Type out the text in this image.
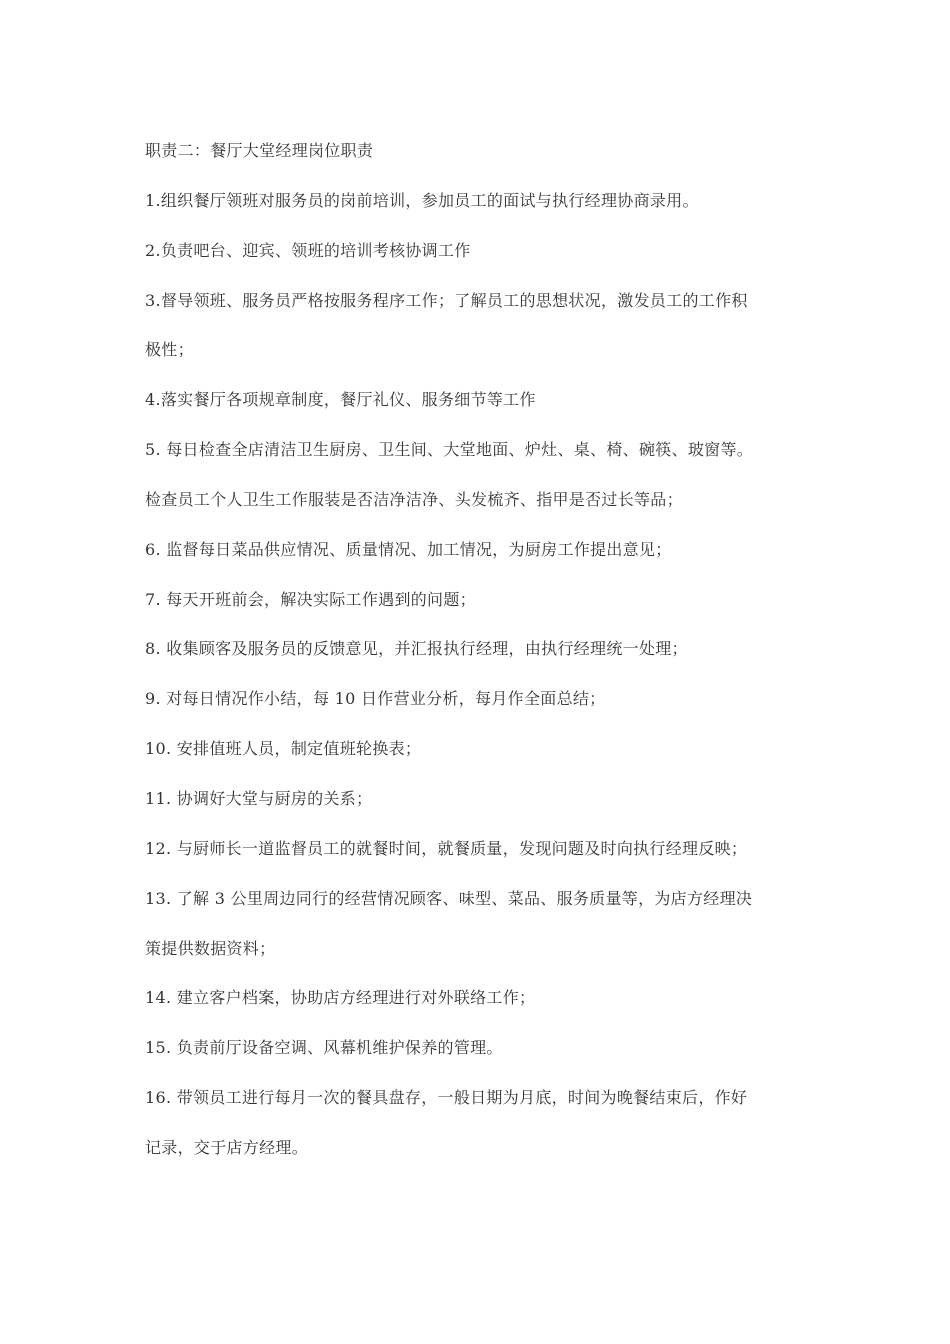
职责二：餐厅大堂经理岗位职责
1.组织餐厅领班对服务员的岗前培训，参加员工的面试与执行经理协商录用。
2.负责吧台、迎宾、领班的培训考核协调工作
3.督导领班、服务员严格按服务程序工作；了解员工的思想状况，激发员工的工作积
极性；
4.落实餐厅各项规章制度，餐厅礼仪、服务细节等工作
5. 每日检查全店清洁卫生厨房、卫生间、大堂地面、炉灶、桌、椅、碗筷、玻窗等。
检查员工个人卫生工作服装是否洁净洁净、头发梳齐、指甲是否过长等品；
6. 监督每日菜品供应情况、质量情况、加工情况，为厨房工作提出意见；
7. 每天开班前会，解决实际工作遇到的问题；
8. 收集顾客及服务员的反馈意见，并汇报执行经理，由执行经理统一处理；
9. 对每日情况作小结，每 10 日作营业分析，每月作全面总结；
10. 安排值班人员，制定值班轮换表；
11. 协调好大堂与厨房的关系；
12. 与厨师长一道监督员工的就餐时间，就餐质量，发现问题及时向执行经理反映；
13. 了解 3 公里周边同行的经营情况顾客、味型、菜品、服务质量等，为店方经理决
策提供数据资料；
14. 建立客户档案，协助店方经理进行对外联络工作；
15. 负责前厅设备空调、风幕机维护保养的管理。
16. 带领员工进行每月一次的餐具盘存，一般日期为月底，时间为晚餐结束后，作好
记录，交于店方经理。
